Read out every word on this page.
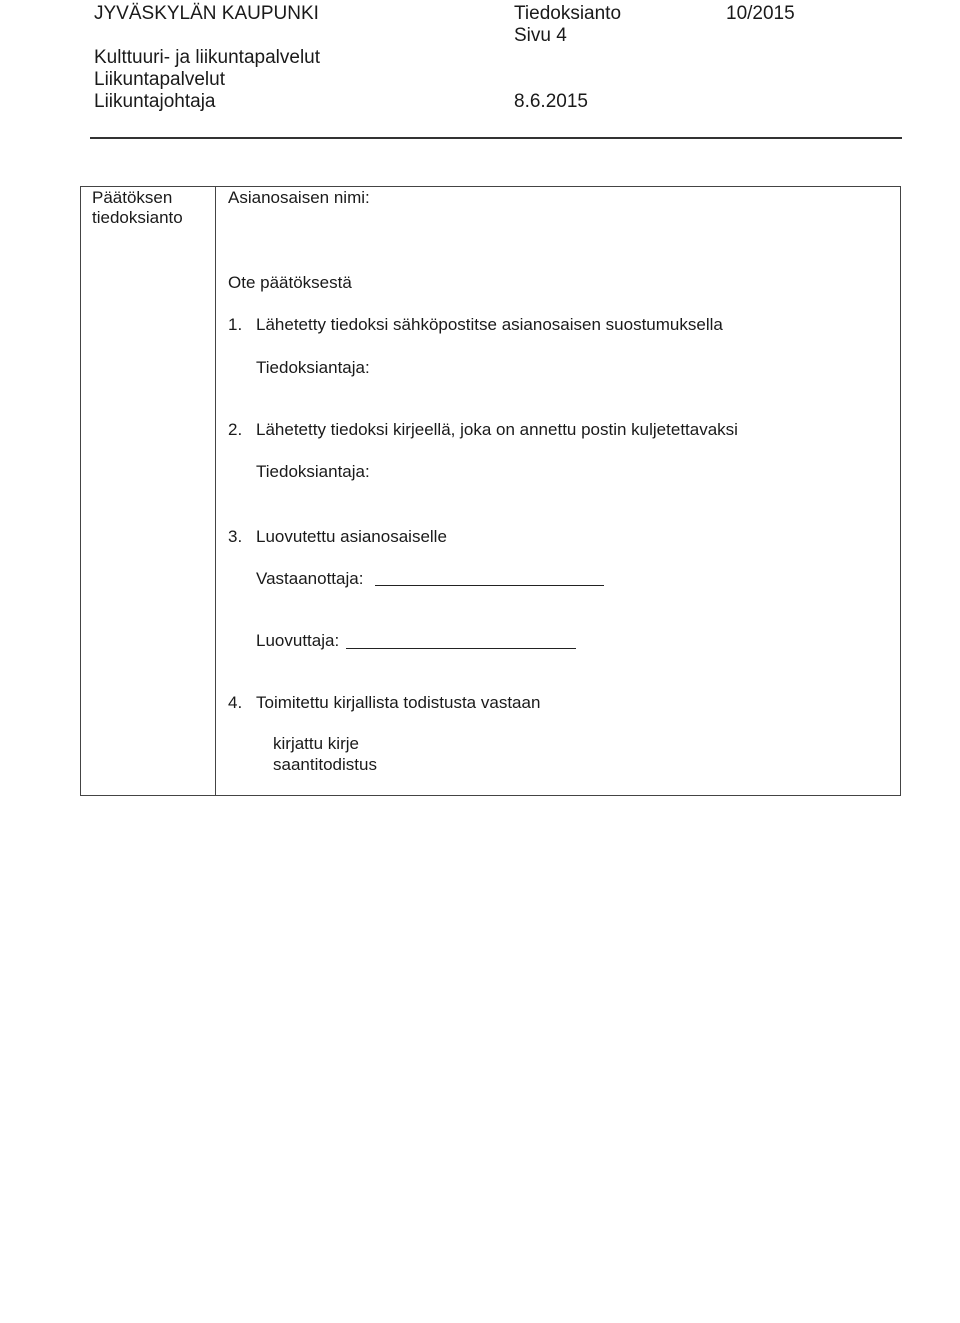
JYVÄSKYLÄN KAUPUNKI
Kulttuuri- ja liikuntapalvelut
Liikuntapalvelut
Liikuntajohtaja
Tiedoksianto
Sivu 4
8.6.2015
10/2015
Päätöksen
tiedoksianto
Asianosaisen nimi:
Ote päätöksestä
1. Lähetetty tiedoksi sähköpostitse asianosaisen suostumuksella
Tiedoksiantaja:
2. Lähetetty tiedoksi kirjeellä, joka on annettu postin kuljetettavaksi
Tiedoksiantaja:
3. Luovutettu asianosaiselle
Vastaanottaja:
Luovuttaja:
4. Toimitettu kirjallista todistusta vastaan
kirjattu kirje
saantitodistus
